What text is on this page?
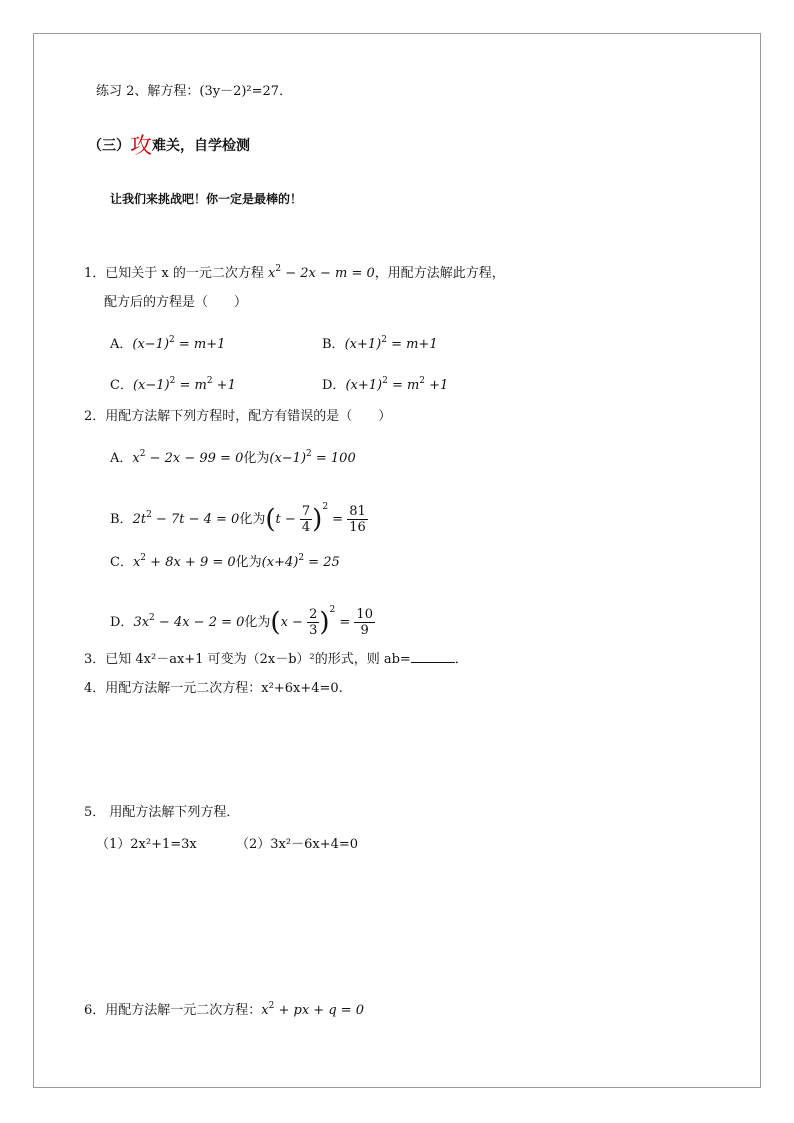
练习 2、解方程：(3y－2)²=27．
（三）攻难关，自学检测
让我们来挑战吧！你一定是最棒的！
1．已知关于 x 的一元二次方程 $x^2 - 2x - m = 0$，用配方法解此方程，
配方后的方程是（　　）
A．$(x-1)^2 = m+1$	B．$(x+1)^2 = m+1$
C．$(x-1)^2 = m^2 +1$	D．$(x+1)^2 = m^2 +1$
2．用配方法解下列方程时，配方有错误的是（　　）
A．$x^2 - 2x - 99 = 0$化为$(x-1)^2 = 100$
B．$2t^2 - 7t - 4 = 0$化为$(t - \frac{7}{4} )^2 = \frac{81}{16}$
C．$x^2 + 8x + 9 = 0$化为$(x+4)^2 = 25$
D．$3x^2 - 4x - 2 = 0$化为$(x - \frac{2}{3} )^2 = \frac{10}{9}$
3．已知 4x²－ax+1 可变为（2x－b）²的形式，则 ab=	．
4．用配方法解一元二次方程：x²+6x+4=0.
5． 用配方法解下列方程．
（1）2x²+1=3x	（2）3x²－6x+4=0
6．用配方法解一元二次方程：$x^2$ + px + q = 0
